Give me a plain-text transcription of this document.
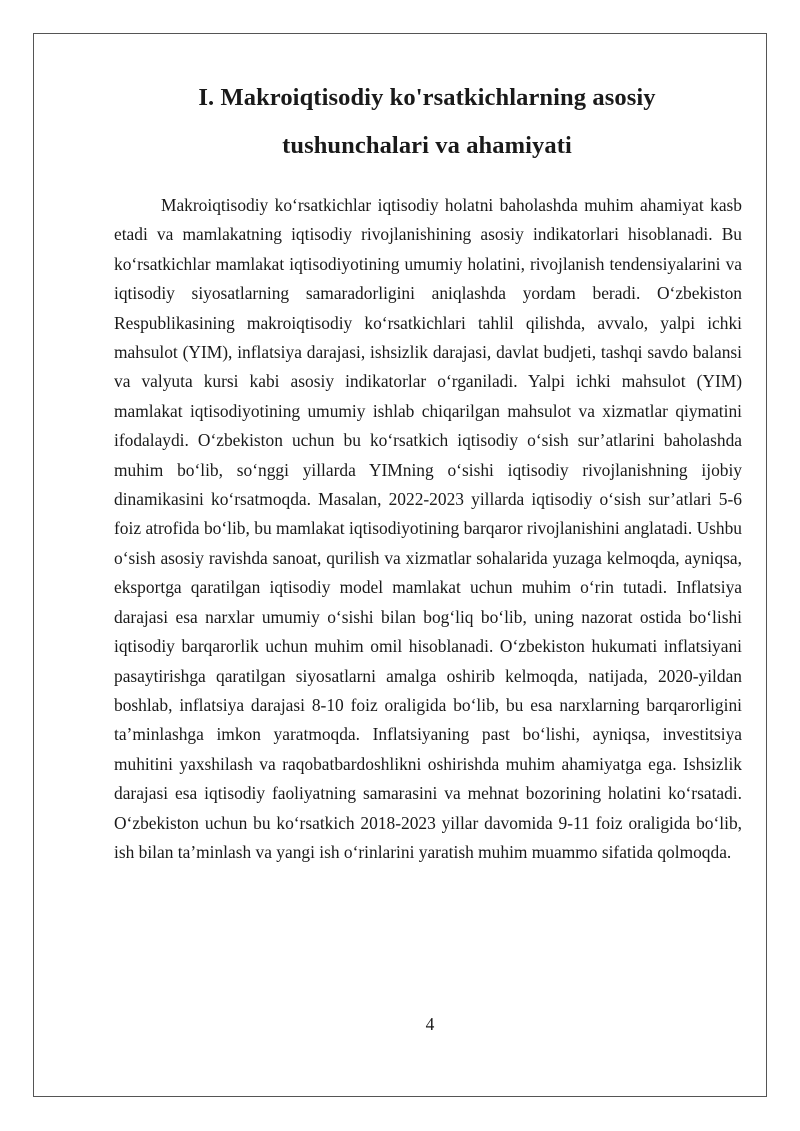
I. Makroiqtisodiy ko'rsatkichlarning asosiy
tushunchalari va ahamiyati

Makroiqtisodiy ko‘rsatkichlar iqtisodiy holatni baholashda muhim ahamiyat kasb etadi va mamlakatning iqtisodiy rivojlanishining asosiy indikatorlari hisoblanadi. Bu ko‘rsatkichlar mamlakat iqtisodiyotining umumiy holatini, rivojlanish tendensiyalarini va iqtisodiy siyosatlarning samaradorligini aniqlashda yordam beradi. O‘zbekiston Respublikasining makroiqtisodiy ko‘rsatkichlari tahlil qilishda, avvalo, yalpi ichki mahsulot (YIM), inflatsiya darajasi, ishsizlik darajasi, davlat budjeti, tashqi savdo balansi va valyuta kursi kabi asosiy indikatorlar o‘rganiladi. Yalpi ichki mahsulot (YIM) mamlakat iqtisodiyotining umumiy ishlab chiqarilgan mahsulot va xizmatlar qiymatini ifodalaydi. O‘zbekiston uchun bu ko‘rsatkich iqtisodiy o‘sish sur’atlarini baholashda muhim bo‘lib, so‘nggi yillarda YIMning o‘sishi iqtisodiy rivojlanishning ijobiy dinamikasini ko‘rsatmoqda. Masalan, 2022-2023 yillarda iqtisodiy o‘sish sur’atlari 5-6 foiz atrofida bo‘lib, bu mamlakat iqtisodiyotining barqaror rivojlanishini anglatadi. Ushbu o‘sish asosiy ravishda sanoat, qurilish va xizmatlar sohalarida yuzaga kelmoqda, ayniqsa, eksportga qaratilgan iqtisodiy model mamlakat uchun muhim o‘rin tutadi. Inflatsiya darajasi esa narxlar umumiy o‘sishi bilan bog‘liq bo‘lib, uning nazorat ostida bo‘lishi iqtisodiy barqarorlik uchun muhim omil hisoblanadi. O‘zbekiston hukumati inflatsiyani pasaytirishga qaratilgan siyosatlarni amalga oshirib kelmoqda, natijada, 2020-yildan boshlab, inflatsiya darajasi 8-10 foiz oraligida bo‘lib, bu esa narxlarning barqarorligini ta’minlashga imkon yaratmoqda. Inflatsiyaning past bo‘lishi, ayniqsa, investitsiya muhitini yaxshilash va raqobatbardoshlikni oshirishda muhim ahamiyatga ega. Ishsizlik darajasi esa iqtisodiy faoliyatning samarasini va mehnat bozorining holatini ko‘rsatadi. O‘zbekiston uchun bu ko‘rsatkich 2018-2023 yillar davomida 9-11 foiz oraligida bo‘lib, ish bilan ta’minlash va yangi ish o‘rinlarini yaratish muhim muammo sifatida qolmoqda.

4
